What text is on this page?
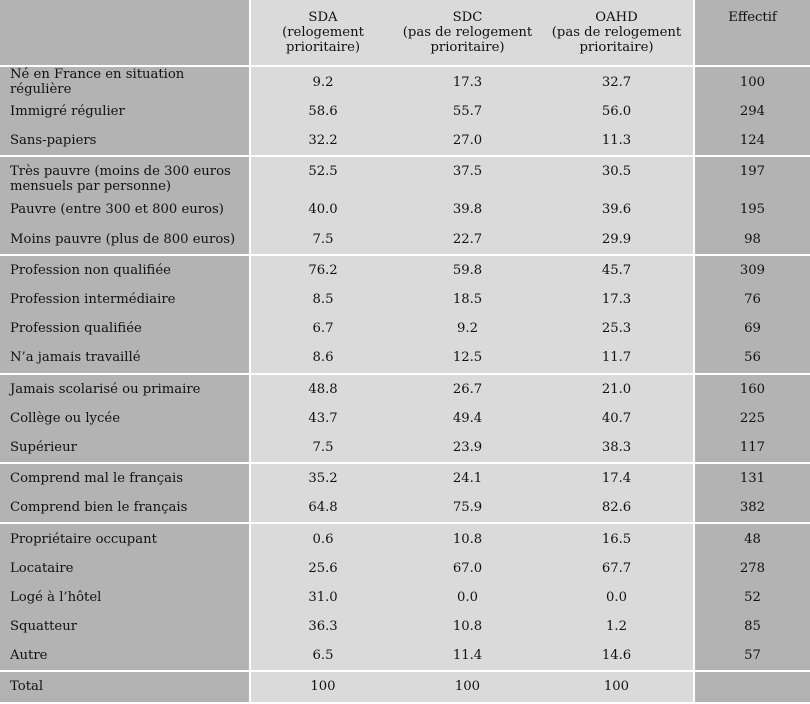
	SDA
(relogement
prioritaire)	SDC
(pas de relogement
prioritaire)	OAHD
(pas de relogement
prioritaire)	Effectif
Né en France en situation régulière	9.2	17.3	32.7	100
Immigré régulier	58.6	55.7	56.0	294
Sans-papiers	32.2	27.0	11.3	124
Très pauvre (moins de 300 euros mensuels par personne)	52.5	37.5	30.5	197
Pauvre (entre 300 et 800 euros)	40.0	39.8	39.6	195
Moins pauvre (plus de 800 euros)	7.5	22.7	29.9	98
Profession non qualifiée	76.2	59.8	45.7	309
Profession intermédiaire	8.5	18.5	17.3	76
Profession qualifiée	6.7	9.2	25.3	69
N’a jamais travaillé	8.6	12.5	11.7	56
Jamais scolarisé ou primaire	48.8	26.7	21.0	160
Collège ou lycée	43.7	49.4	40.7	225
Supérieur	7.5	23.9	38.3	117
Comprend mal le français	35.2	24.1	17.4	131
Comprend bien le français	64.8	75.9	82.6	382
Propriétaire occupant	0.6	10.8	16.5	48
Locataire	25.6	67.0	67.7	278
Logé à l’hôtel	31.0	0.0	0.0	52
Squatteur	36.3	10.8	1.2	85
Autre	6.5	11.4	14.6	57
Total	100	100	100	
